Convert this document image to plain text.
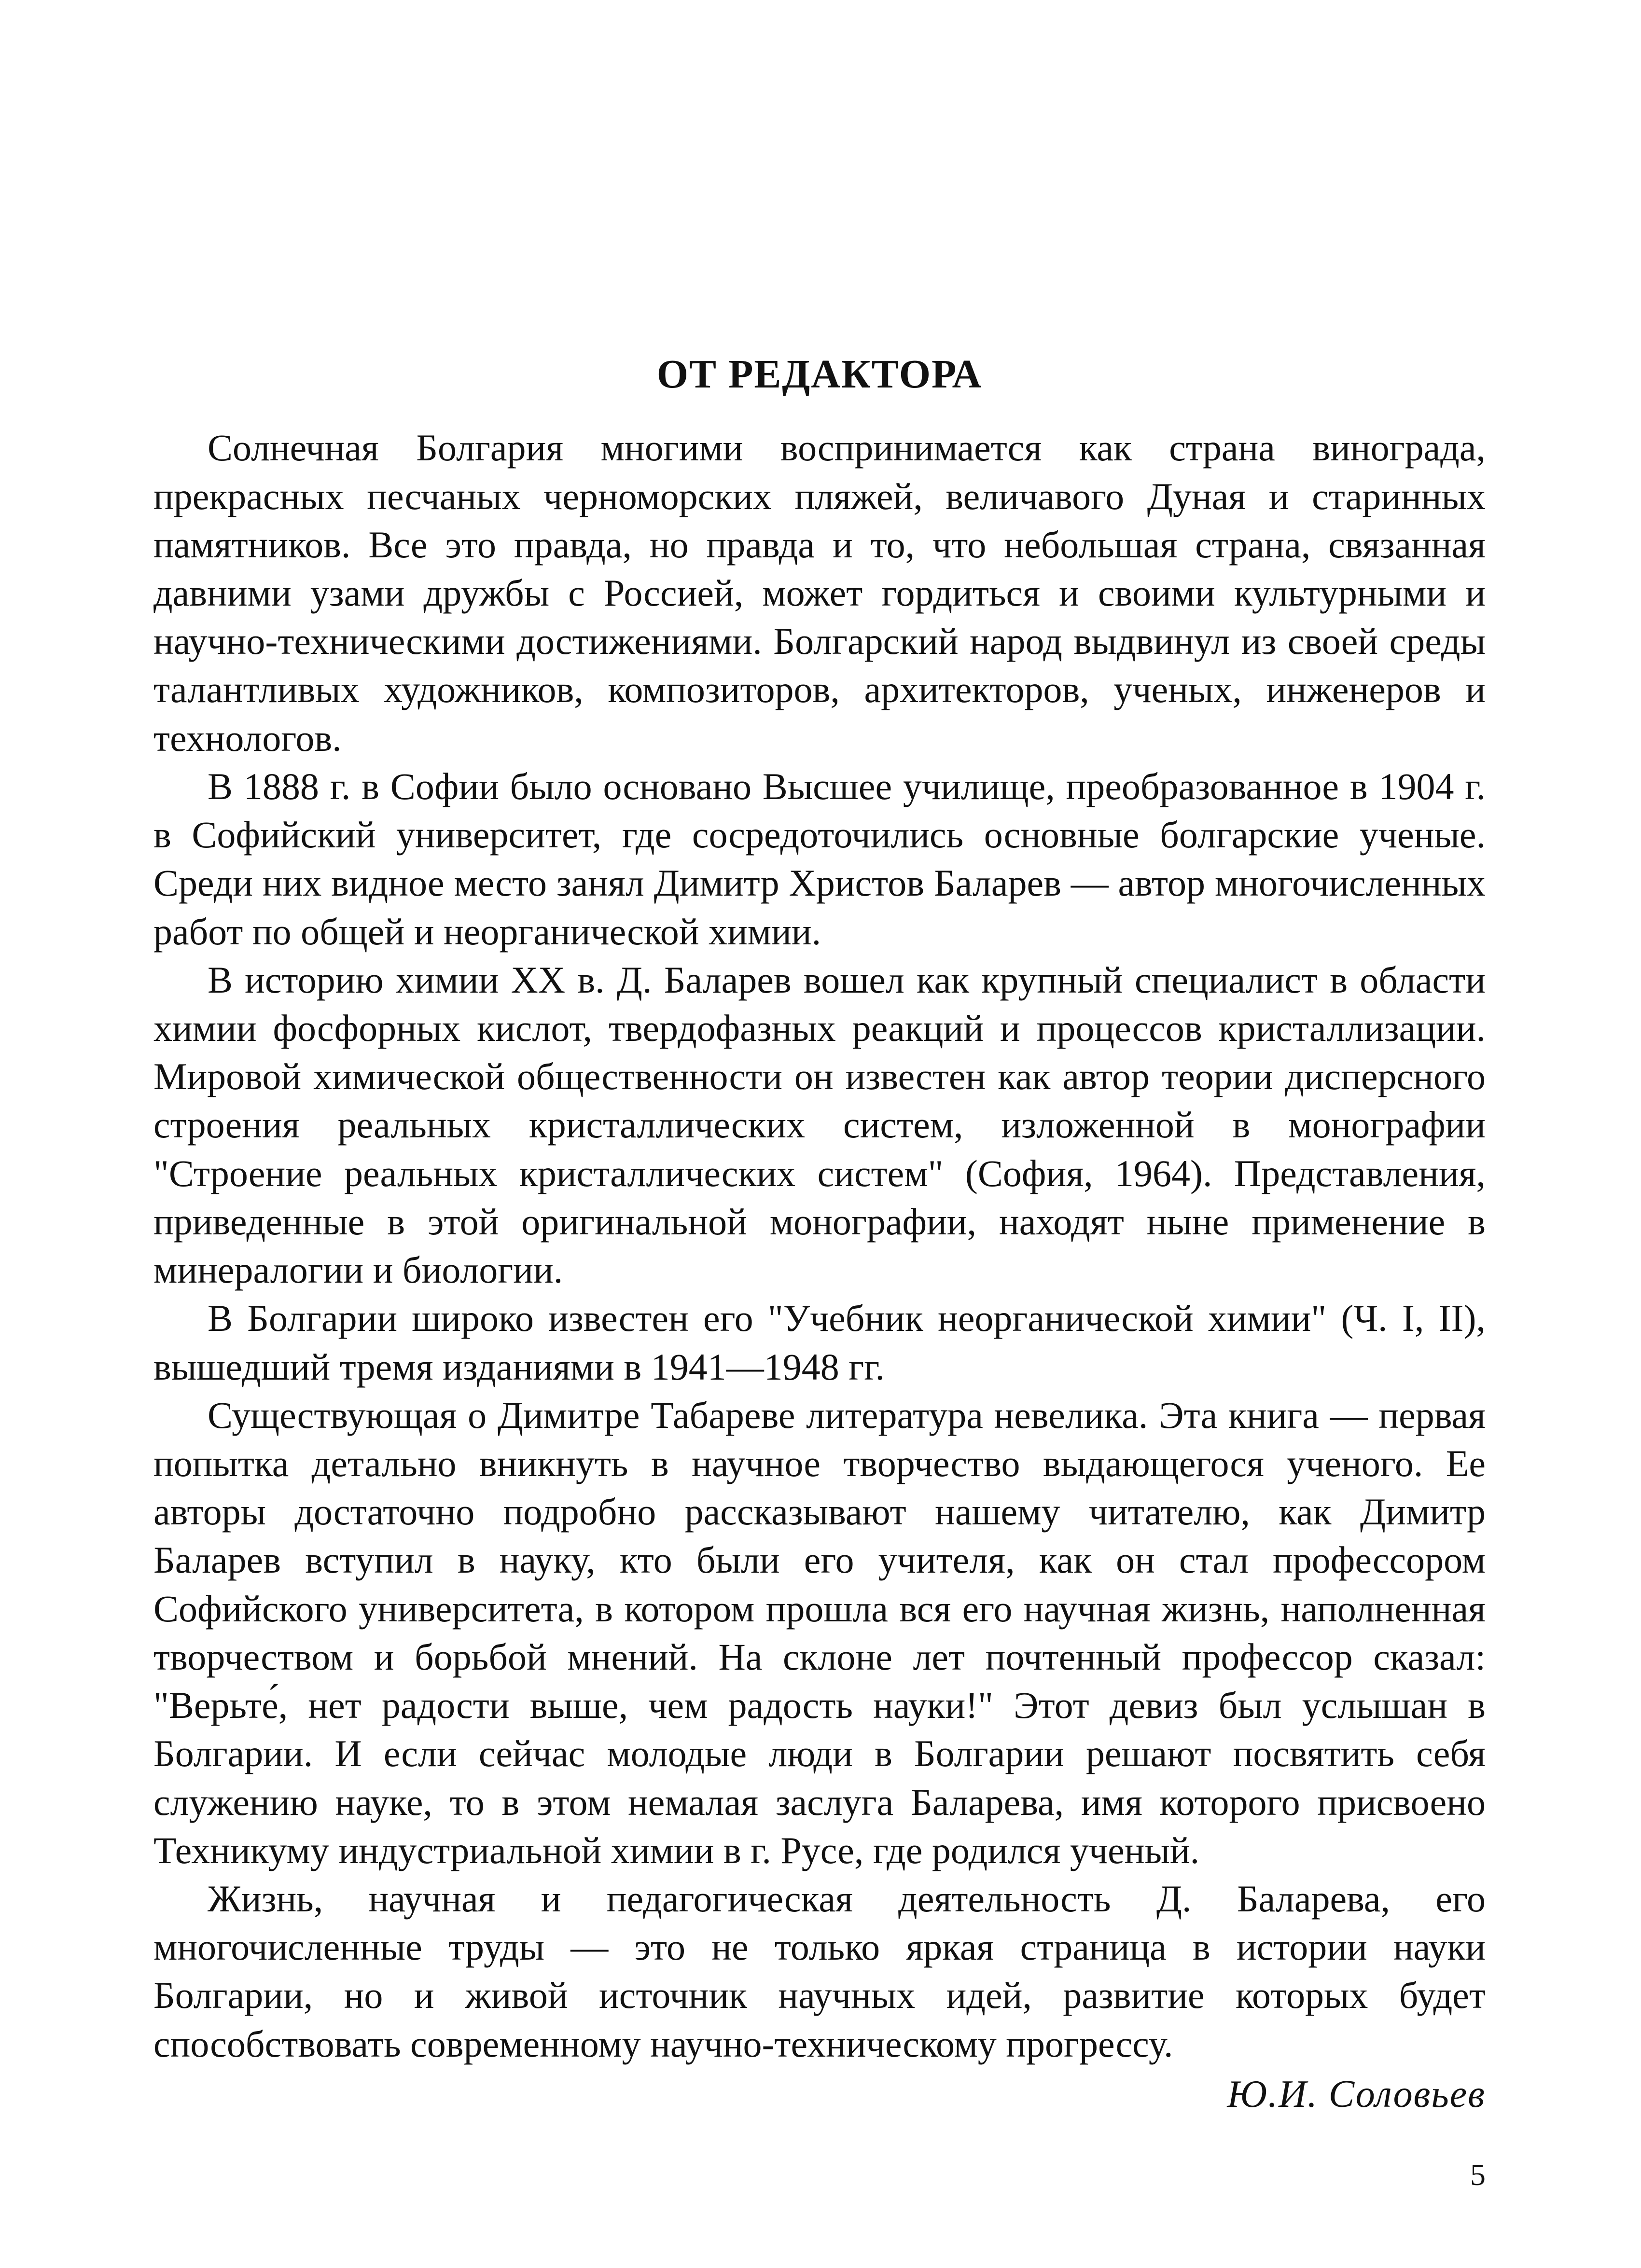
ОТ РЕДАКТОРА

Солнечная Болгария многими воспринимается как страна винограда, прекрасных песчаных черноморских пляжей, величавого Дуная и старинных памятников. Все это правда, но правда и то, что небольшая страна, связанная давними узами дружбы с Россией, может гордиться и своими культурными и научно-техническими достижениями. Болгарский народ выдвинул из своей среды талантливых художников, композиторов, архитекторов, ученых, инженеров и технологов.

В 1888 г. в Софии было основано Высшее училище, преобразованное в 1904 г. в Софийский университет, где сосредоточились основные болгарские ученые. Среди них видное место занял Димитр Христов Баларев — автор многочисленных работ по общей и неорганической химии.

В историю химии XX в. Д. Баларев вошел как крупный специалист в области химии фосфорных кислот, твердофазных реакций и процессов кристаллизации. Мировой химической общественности он известен как автор теории дисперсного строения реальных кристаллических систем, изложенной в монографии "Строение реальных кристаллических систем" (София, 1964). Представления, приведенные в этой оригинальной монографии, находят ныне применение в минералогии и биологии.

В Болгарии широко известен его "Учебник неорганической химии" (Ч. I, II), вышедший тремя изданиями в 1941—1948 гг.

Существующая о Димитре Табареве литература невелика. Эта книга — первая попытка детально вникнуть в научное творчество выдающегося ученого. Ее авторы достаточно подробно рассказывают нашему читателю, как Димитр Баларев вступил в науку, кто были его учителя, как он стал профессором Софийского университета, в котором прошла вся его научная жизнь, наполненная творчеством и борьбой мнений. На склоне лет почтенный профессор сказал: "Верьте́, нет радости выше, чем радость науки!" Этот девиз был услышан в Болгарии. И если сейчас молодые люди в Болгарии решают посвятить себя служению науке, то в этом немалая заслуга Баларева, имя которого присвоено Техникуму индустриальной химии в г. Русе, где родился ученый.

Жизнь, научная и педагогическая деятельность Д. Баларева, его многочисленные труды — это не только яркая страница в истории науки Болгарии, но и живой источник научных идей, развитие которых будет способствовать современному научно-техническому прогрессу.

Ю.И. Соловьев
5
